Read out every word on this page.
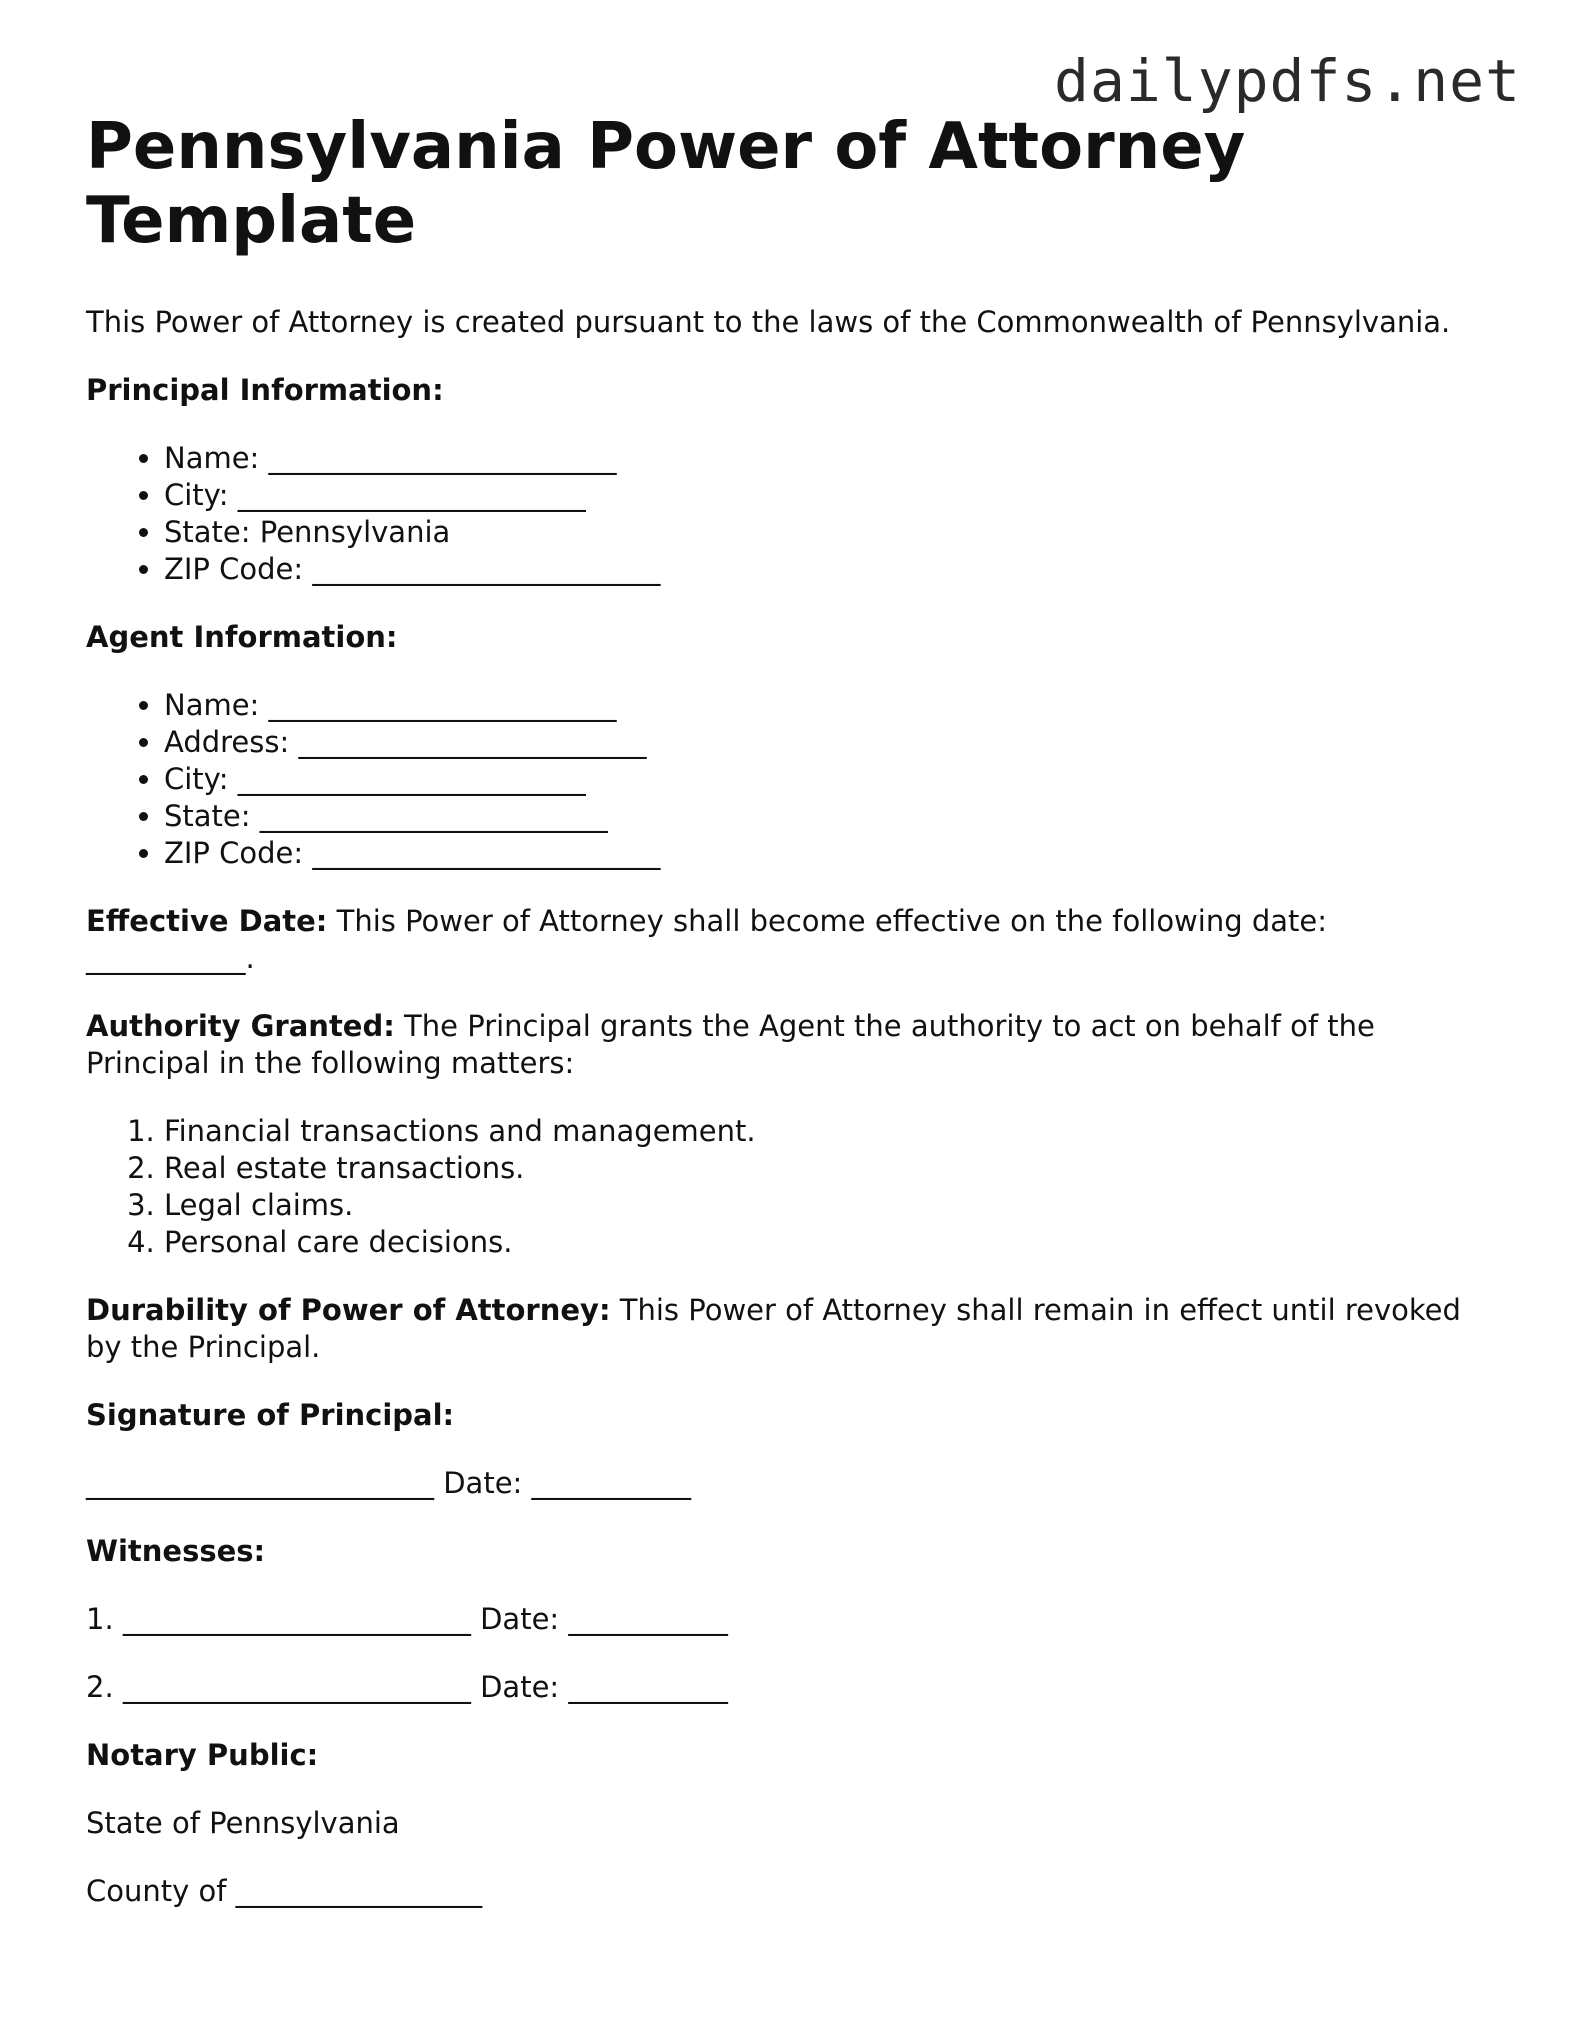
dailypdfs.net
Pennsylvania Power of Attorney Template

This Power of Attorney is created pursuant to the laws of the Commonwealth of Pennsylvania.

Principal Information:

• Name: ________________________
• City: ________________________
• State: Pennsylvania
• ZIP Code: ________________________

Agent Information:

• Name: ________________________
• Address: ________________________
• City: ________________________
• State: ________________________
• ZIP Code: ________________________

Effective Date: This Power of Attorney shall become effective on the following date: ___________.

Authority Granted: The Principal grants the Agent the authority to act on behalf of the Principal in the following matters:

1. Financial transactions and management.
2. Real estate transactions.
3. Legal claims.
4. Personal care decisions.

Durability of Power of Attorney: This Power of Attorney shall remain in effect until revoked by the Principal.

Signature of Principal:

________________________ Date: ___________

Witnesses:

1. ________________________ Date: ___________

2. ________________________ Date: ___________

Notary Public:

State of Pennsylvania

County of _________________
